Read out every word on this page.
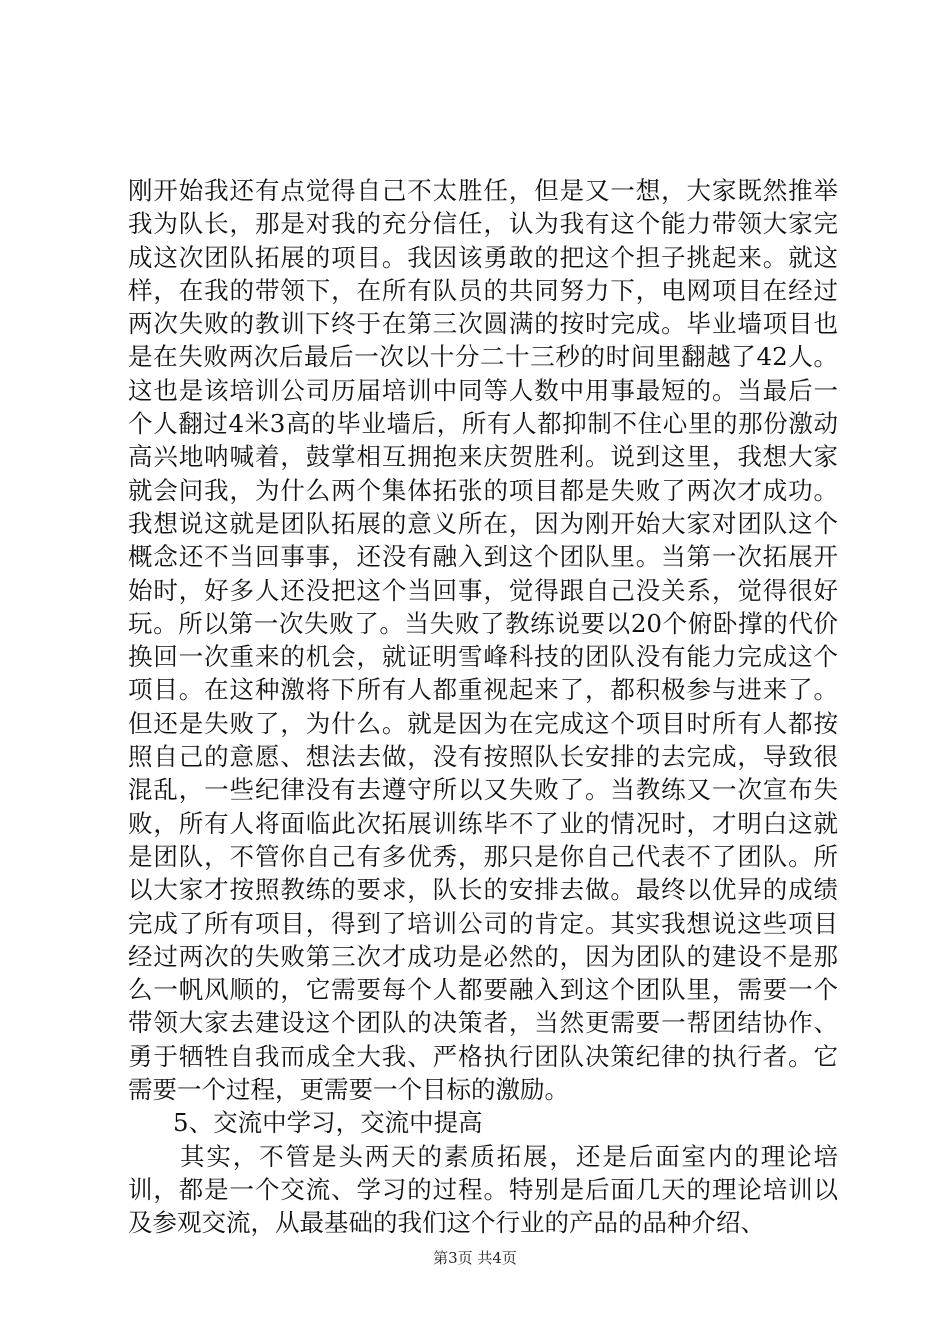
刚开始我还有点觉得自己不太胜任，但是又一想，大家既然推举我为队长，那是对我的充分信任，认为我有这个能力带领大家完成这次团队拓展的项目。我因该勇敢的把这个担子挑起来。就这样，在我的带领下，在所有队员的共同努力下，电网项目在经过两次失败的教训下终于在第三次圆满的按时完成。毕业墙项目也是在失败两次后最后一次以十分二十三秒的时间里翻越了42人。这也是该培训公司历届培训中同等人数中用事最短的。当最后一个人翻过4米3高的毕业墙后，所有人都抑制不住心里的那份激动高兴地呐喊着，鼓掌相互拥抱来庆贺胜利。说到这里，我想大家就会问我，为什么两个集体拓张的项目都是失败了两次才成功。我想说这就是团队拓展的意义所在，因为刚开始大家对团队这个概念还不当回事事，还没有融入到这个团队里。当第一次拓展开始时，好多人还没把这个当回事，觉得跟自己没关系，觉得很好玩。所以第一次失败了。当失败了教练说要以20个俯卧撑的代价换回一次重来的机会，就证明雪峰科技的团队没有能力完成这个项目。在这种激将下所有人都重视起来了，都积极参与进来了。但还是失败了，为什么。就是因为在完成这个项目时所有人都按照自己的意愿、想法去做，没有按照队长安排的去完成，导致很混乱，一些纪律没有去遵守所以又失败了。当教练又一次宣布失败，所有人将面临此次拓展训练毕不了业的情况时，才明白这就是团队，不管你自己有多优秀，那只是你自己代表不了团队。所以大家才按照教练的要求，队长的安排去做。最终以优异的成绩完成了所有项目，得到了培训公司的肯定。其实我想说这些项目经过两次的失败第三次才成功是必然的，因为团队的建设不是那么一帆风顺的，它需要每个人都要融入到这个团队里，需要一个带领大家去建设这个团队的决策者，当然更需要一帮团结协作、勇于牺牲自我而成全大我、严格执行团队决策纪律的执行者。它需要一个过程，更需要一个目标的激励。

5、交流中学习，交流中提高

其实，不管是头两天的素质拓展，还是后面室内的理论培训，都是一个交流、学习的过程。特别是后面几天的理论培训以及参观交流，从最基础的我们这个行业的产品的品种介绍、

第3页 共4页
